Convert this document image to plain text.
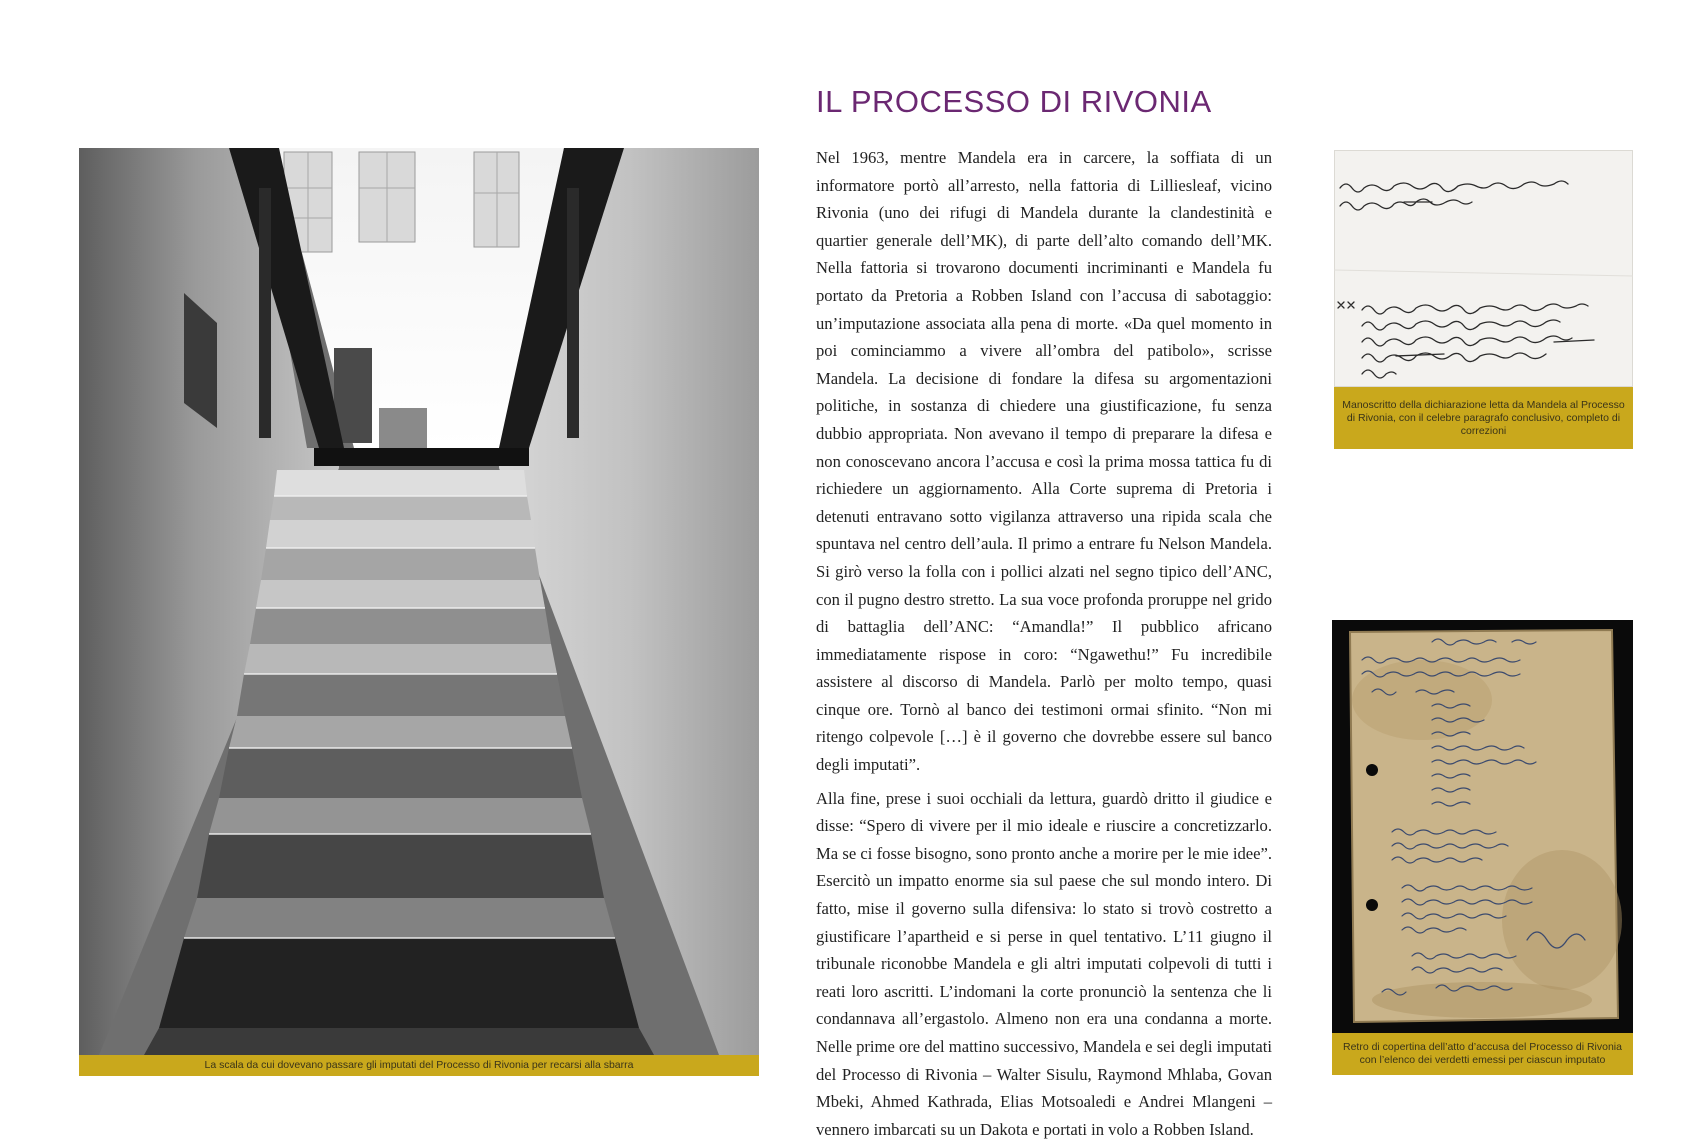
La scala da cui dovevano passare gli imputati del Processo di Rivonia per recarsi alla sbarra
IL PROCESSO DI RIVONIA

Nel 1963, mentre Mandela era in carcere, la soffiata di un informatore portò all’arresto, nella fattoria di Lilliesleaf, vicino Rivonia (uno dei rifugi di Mandela durante la clandestinità e quartier generale dell’MK), di parte dell’alto comando dell’MK. Nella fattoria si trovarono documenti incriminanti e Mandela fu portato da Pretoria a Robben Island con l’accusa di sabotaggio: un’imputazione associata alla pena di morte. «Da quel momento in poi cominciammo a vivere all’ombra del patibolo», scrisse Mandela. La decisione di fondare la difesa su argomentazioni politiche, in sostanza di chiedere una giustificazione, fu senza dubbio appropriata. Non avevano il tempo di preparare la difesa e non conoscevano ancora l’accusa e così la prima mossa tattica fu di richiedere un aggiornamento. Alla Corte suprema di Pretoria i detenuti entravano sotto vigilanza attraverso una ripida scala che spuntava nel centro dell’aula. Il primo a entrare fu Nelson Mandela. Si girò verso la folla con i pollici alzati nel segno tipico dell’ANC, con il pugno destro stretto. La sua voce profonda proruppe nel grido di battaglia dell’ANC: “Amandla!” Il pubblico africano immediatamente rispose in coro: “Ngawethu!” Fu incredibile assistere al discorso di Mandela. Parlò per molto tempo, quasi cinque ore. Tornò al banco dei testimoni ormai sfinito. “Non mi ritengo colpevole […] è il governo che dovrebbe essere sul banco degli imputati”.

Alla fine, prese i suoi occhiali da lettura, guardò dritto il giudice e disse: “Spero di vivere per il mio ideale e riuscire a concretizzarlo. Ma se ci fosse bisogno, sono pronto anche a morire per le mie idee”. Esercitò un impatto enorme sia sul paese che sul mondo intero. Di fatto, mise il governo sulla difensiva: lo stato si trovò costretto a giustificare l’apartheid e si perse in quel tentativo. L’11 giugno il tribunale riconobbe Mandela e gli altri imputati colpevoli di tutti i reati loro ascritti. L’indomani la corte pronunciò la sentenza che li condannava all’ergastolo. Almeno non era una condanna a morte. Nelle prime ore del mattino successivo, Mandela e sei degli imputati del Processo di Rivonia – Walter Sisulu, Raymond Mhlaba, Govan Mbeki, Ahmed Kathrada, Elias Motsoaledi e Andrei Mlangeni – vennero imbarcati su un Dakota e portati in volo a Robben Island.

Manoscritto della dichiarazione letta da Mandela al Processo di Rivonia, con il celebre paragrafo conclusivo, completo di correzioni
Retro di copertina dell’atto d’accusa del Processo di Rivonia con l’elenco dei verdetti emessi per ciascun imputato
